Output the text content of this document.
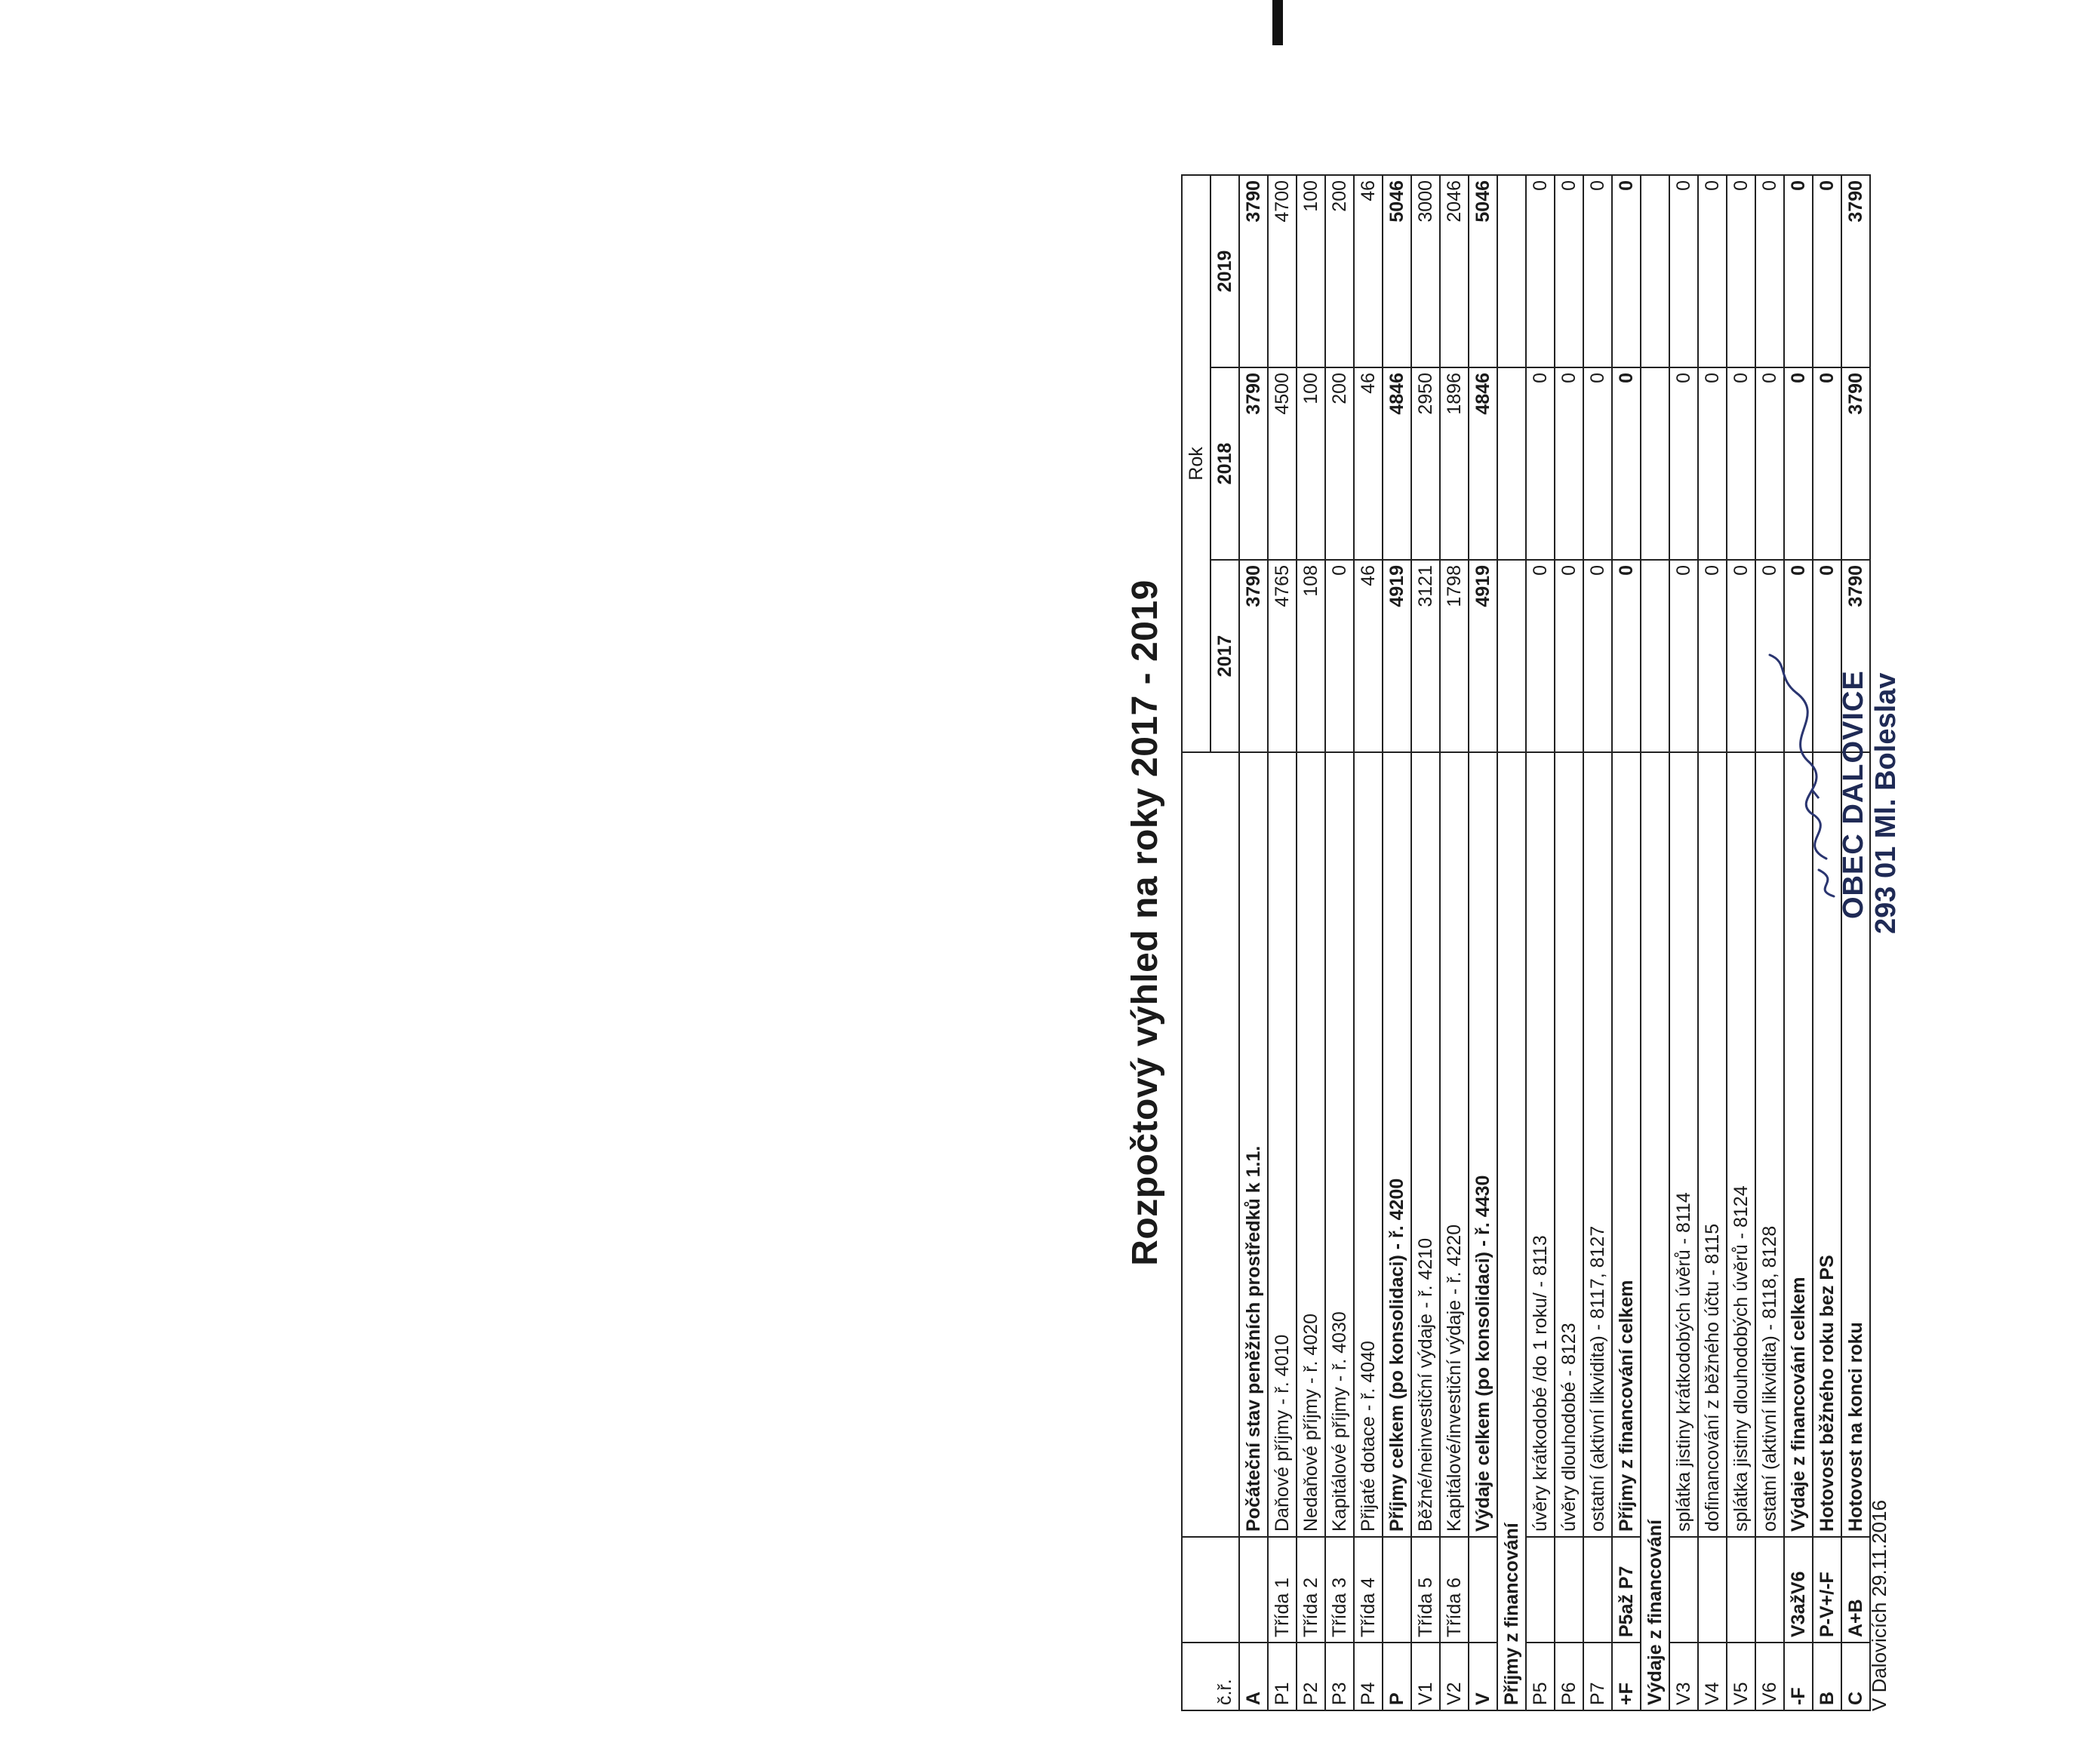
Rozpočtový výhled na roky 2017 - 2019
č.ř.			Rok		
			2017	2018	2019
A		Počáteční stav peněžních prostředků k 1.1.	3790	3790	3790
P1	Třída 1	Daňové příjmy - ř. 4010	4765	4500	4700
P2	Třída 2	Nedaňové příjmy - ř. 4020	108	100	100
P3	Třída 3	Kapitálové příjmy - ř. 4030	0	200	200
P4	Třída 4	Přijaté dotace - ř. 4040	46	46	46
P		Příjmy celkem (po konsolidaci) - ř. 4200	4919	4846	5046
V1	Třída 5	Běžné/neinvestiční výdaje - ř. 4210	3121	2950	3000
V2	Třída 6	Kapitálové/investiční výdaje - ř. 4220	1798	1896	2046
V		Výdaje celkem (po konsolidaci) - ř. 4430	4919	4846	5046
Příjmy z financování					
P5		úvěry krátkodobé /do 1 roku/ - 8113	0	0	0
P6		úvěry dlouhodobé - 8123	0	0	0
P7		ostatní (aktivní likvidita) - 8117, 8127	0	0	0
+F	P5až P7	Příjmy z financování celkem	0	0	0
Výdaje z financování					
V3		splátka jistiny krátkodobých úvěrů - 8114	0	0	0
V4		dofinancování z běžného účtu - 8115	0	0	0
V5		splátka jistiny dlouhodobých úvěrů - 8124	0	0	0
V6		ostatní (aktivní likvidita) - 8118, 8128	0	0	0
-F	V3ažV6	Výdaje z financování celkem	0	0	0
B	P-V+/-F	Hotovost běžného roku bez PS	0	0	0
C	A+B	Hotovost na konci roku	3790	3790	3790
V Dalovicích 29.11.2016
OBEC DALOVICE 293 01 Ml. Boleslav
